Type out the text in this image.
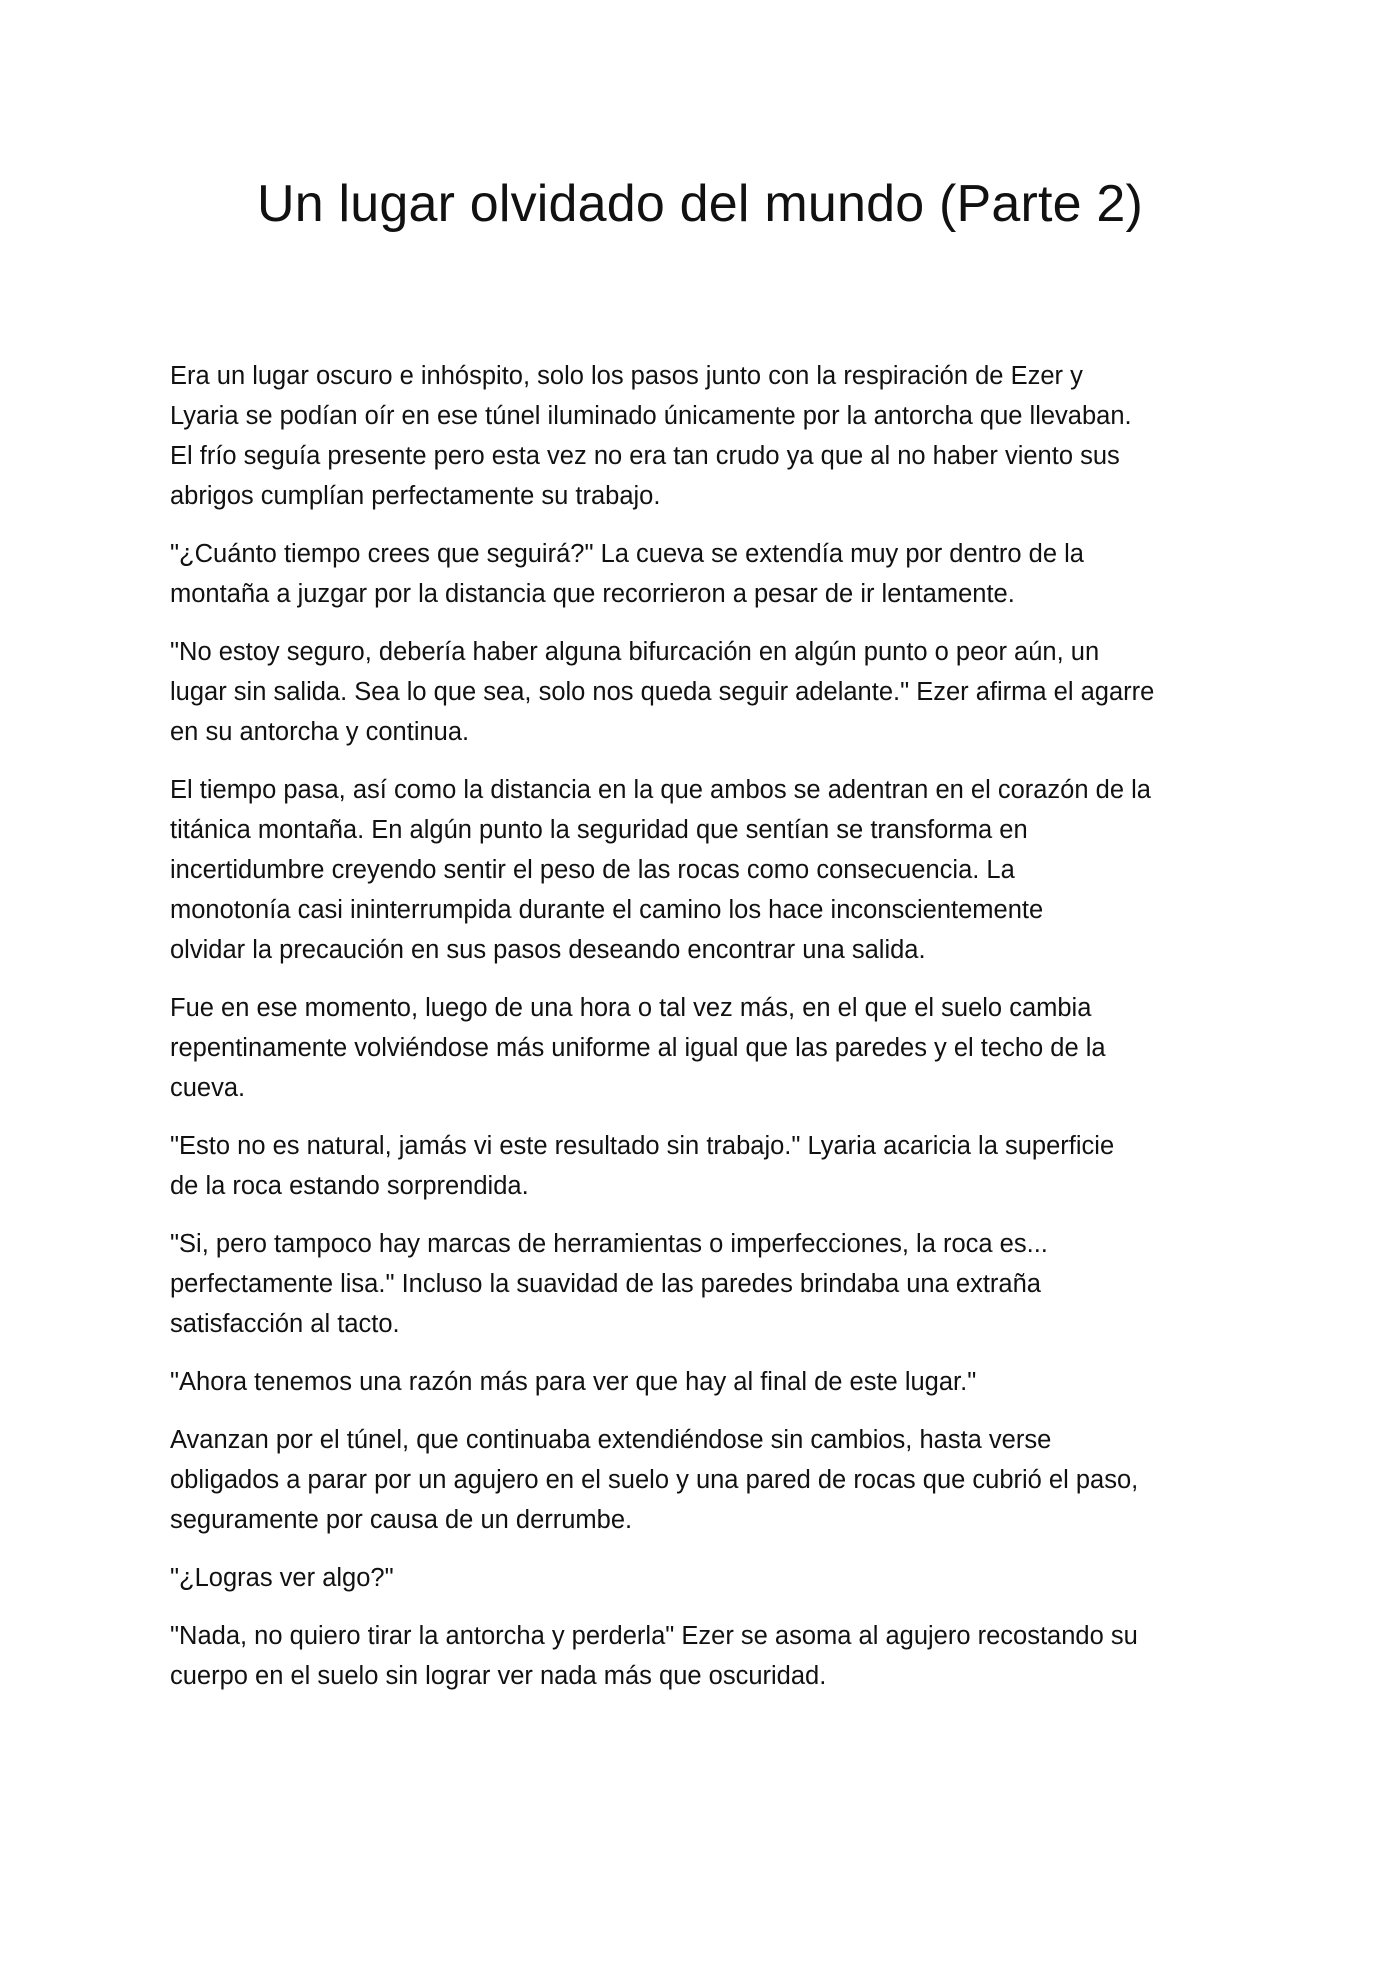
Un lugar olvidado del mundo (Parte 2)

Era un lugar oscuro e inhóspito, solo los pasos junto con la respiración de Ezer y
Lyaria se podían oír en ese túnel iluminado únicamente por la antorcha que llevaban.
El frío seguía presente pero esta vez no era tan crudo ya que al no haber viento sus
abrigos cumplían perfectamente su trabajo.

"¿Cuánto tiempo crees que seguirá?" La cueva se extendía muy por dentro de la
montaña a juzgar por la distancia que recorrieron a pesar de ir lentamente.

"No estoy seguro, debería haber alguna bifurcación en algún punto o peor aún, un
lugar sin salida. Sea lo que sea, solo nos queda seguir adelante." Ezer afirma el agarre
en su antorcha y continua.

El tiempo pasa, así como la distancia en la que ambos se adentran en el corazón de la
titánica montaña. En algún punto la seguridad que sentían se transforma en
incertidumbre creyendo sentir el peso de las rocas como consecuencia. La
monotonía casi ininterrumpida durante el camino los hace inconscientemente
olvidar la precaución en sus pasos deseando encontrar una salida.

Fue en ese momento, luego de una hora o tal vez más, en el que el suelo cambia
repentinamente volviéndose más uniforme al igual que las paredes y el techo de la
cueva.

"Esto no es natural, jamás vi este resultado sin trabajo." Lyaria acaricia la superficie
de la roca estando sorprendida.

"Si, pero tampoco hay marcas de herramientas o imperfecciones, la roca es...
perfectamente lisa." Incluso la suavidad de las paredes brindaba una extraña
satisfacción al tacto.

"Ahora tenemos una razón más para ver que hay al final de este lugar."

Avanzan por el túnel, que continuaba extendiéndose sin cambios, hasta verse
obligados a parar por un agujero en el suelo y una pared de rocas que cubrió el paso,
seguramente por causa de un derrumbe.

"¿Logras ver algo?"

"Nada, no quiero tirar la antorcha y perderla" Ezer se asoma al agujero recostando su
cuerpo en el suelo sin lograr ver nada más que oscuridad.
